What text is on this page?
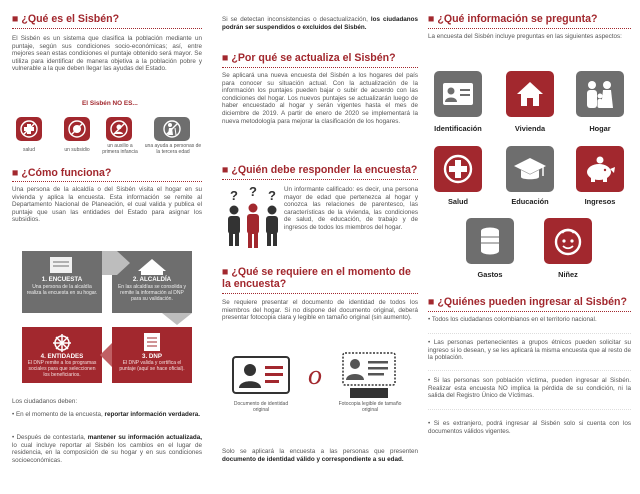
■ ¿Qué es el Sisbén?

El Sisbén es un sistema que clasifica la población mediante un puntaje, según sus condiciones socio-económicas; así, entre mejores sean estas condiciones el puntaje obtenido será mayor. Se utiliza para identificar de manera objetiva a la población pobre y vulnerable a la que deben llegar las ayudas del Estado.

El Sisbén NO ES...
salud	un subsidio
un auxilio a primera infancia
una ayuda a personas de la tercera edad
■ ¿Cómo funciona?

Una persona de la alcaldía o del Sisbén visita el hogar en su vivienda y aplica la encuesta. Esta información se remite al Departamento Nacional de Planeación, el cual valida y publica el puntaje que usan las entidades del Estado para asignar los subsidios.

1. ENCUESTA
Una persona de la alcaldía realiza la encuesta en su hogar.
2. ALCALDÍA
En las alcaldías se consolida y remite la información al DNP para su validación.
4. ENTIDADES
El DNP remite a los programas sociales para que seleccionen los beneficiarios.
3. DNP
El DNP valida y certifica el puntaje (aquí se hace oficial).

Los ciudadanos deben:

• En el momento de la encuesta, reportar información verdadera.

• Después de contestarla, mantener su información actualizada, lo cual incluye reportar al Sisbén los cambios en el lugar de residencia, en la composición de su hogar y en sus condiciones socioeconómicas.

Si se detectan inconsistencias o desactualización, los ciudadanos podrán ser suspendidos o excluidos del Sisbén.

■ ¿Por qué se actualiza el Sisbén?

Se aplicará una nueva encuesta del Sisbén a los hogares del país para conocer su situación actual. Con la actualización de la información los puntajes pueden bajar o subir de acuerdo con las condiciones del hogar. Los nuevos puntajes se actualizarán luego de haber encuestado al hogar y serán vigentes hasta el mes de diciembre de 2019. A partir de enero de 2020 se implementará la nueva metodología para mejorar la clasificación de los hogares.

■ ¿Quién debe responder la encuesta?
? ? ? Un informante calificado: es decir, una persona mayor de edad que pertenezca al hogar y conozca las relaciones de parentesco, las características de la vivienda, las condiciones de salud, de educación, de trabajo y de ingresos de todos los miembros del hogar.

■ ¿Qué se requiere en el momento de la encuesta?

Se requiere presentar el documento de identidad de todos los miembros del hogar. Si no dispone del documento original, deberá presentar fotocopia clara y legible en tamaño original (sin aumento).

Documento de identidad original
o
Fotocopia legible de tamaño original

Solo se aplicará la encuesta a las personas que presenten documento de identidad válido y correspondiente a su edad.

■ ¿Qué información se pregunta?

La encuesta del Sisbén incluye preguntas en las siguientes aspectos:

Identificación	Vivienda	Hogar
Salud	Educación	Ingresos
Gastos	Niñez
■ ¿Quiénes pueden ingresar al Sisbén?

• Todos los ciudadanos colombianos en el territorio nacional.

• Las personas pertenecientes a grupos étnicos pueden solicitar su ingreso si lo desean, y se les aplicará la misma encuesta que al resto de la población.

• Si las personas son población víctima, pueden ingresar al Sisbén. Realizar esta encuesta NO implica la pérdida de su condición, ni la salida del Registro Único de Víctimas.

• Si es extranjero, podrá ingresar al Sisbén solo si cuenta con los documentos válidos vigentes.
